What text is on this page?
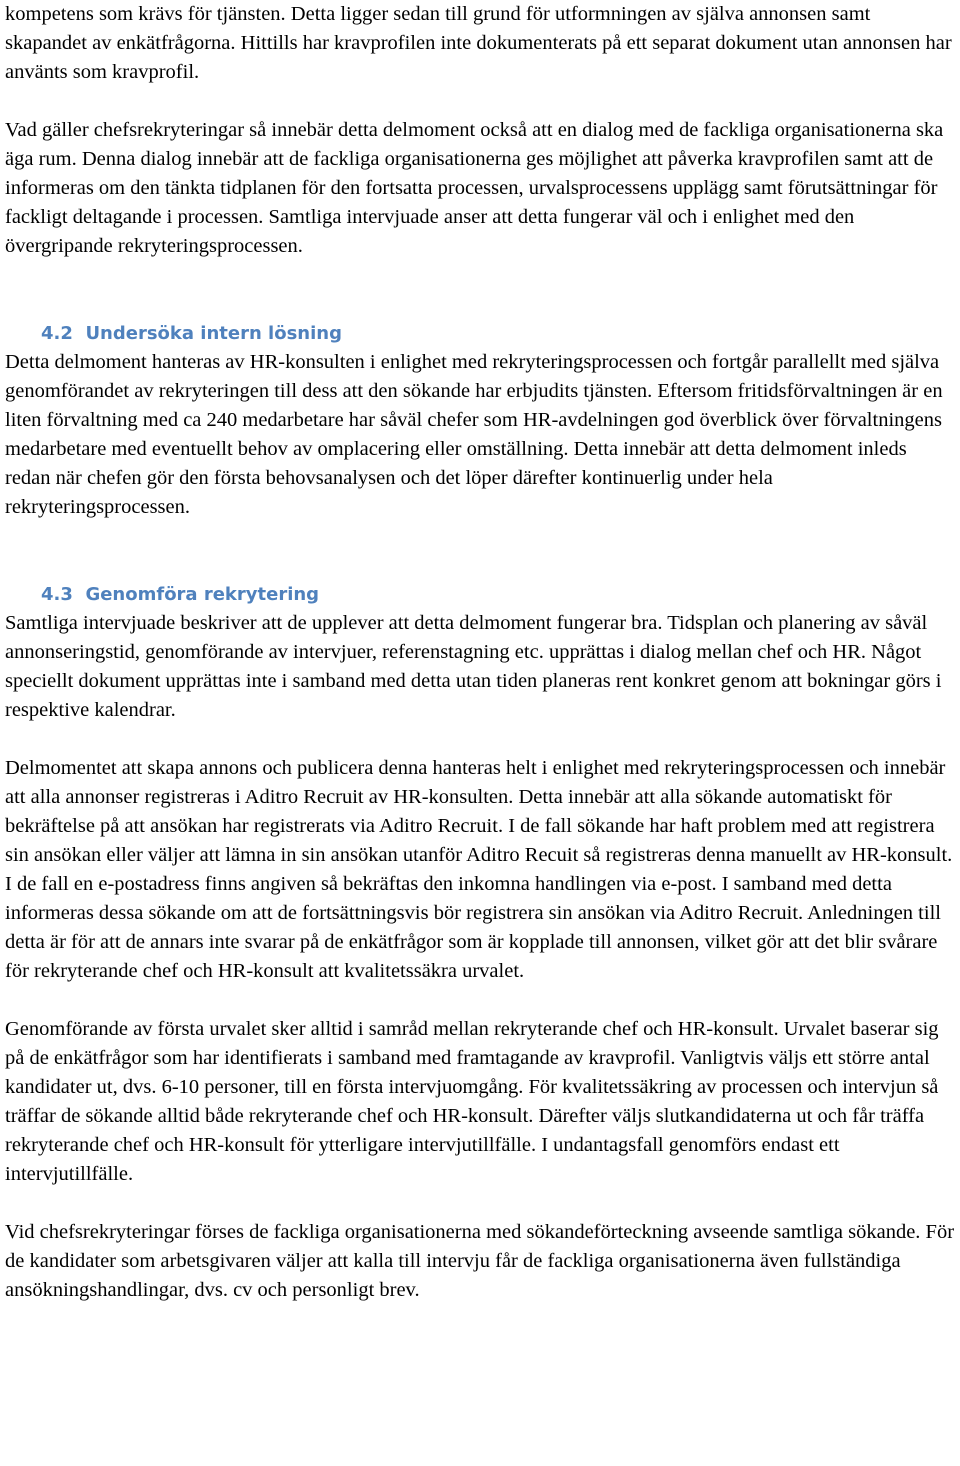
kompetens som krävs för tjänsten. Detta ligger sedan till grund för utformningen av själva annonsen samt skapandet av enkätfrågorna. Hittills har kravprofilen inte dokumenterats på ett separat dokument utan annonsen har använts som kravprofil.

Vad gäller chefsrekryteringar så innebär detta delmoment också att en dialog med de fackliga organisationerna ska äga rum. Denna dialog innebär att de fackliga organisationerna ges möjlighet att påverka kravprofilen samt att de informeras om den tänkta tidplanen för den fortsatta processen, urvalsprocessens upplägg samt förutsättningar för fackligt deltagande i processen. Samtliga intervjuade anser att detta fungerar väl och i enlighet med den övergripande rekryteringsprocessen.

4.2 Undersöka intern lösning

Detta delmoment hanteras av HR-konsulten i enlighet med rekryteringsprocessen och fortgår parallellt med själva genomförandet av rekryteringen till dess att den sökande har erbjudits tjänsten. Eftersom fritidsförvaltningen är en liten förvaltning med ca 240 medarbetare har såväl chefer som HR-avdelningen god överblick över förvaltningens medarbetare med eventuellt behov av omplacering eller omställning. Detta innebär att detta delmoment inleds redan när chefen gör den första behovsanalysen och det löper därefter kontinuerlig under hela rekryteringsprocessen.

4.3 Genomföra rekrytering

Samtliga intervjuade beskriver att de upplever att detta delmoment fungerar bra. Tidsplan och planering av såväl annonseringstid, genomförande av intervjuer, referenstagning etc. upprättas i dialog mellan chef och HR. Något speciellt dokument upprättas inte i samband med detta utan tiden planeras rent konkret genom att bokningar görs i respektive kalendrar.

Delmomentet att skapa annons och publicera denna hanteras helt i enlighet med rekryteringsprocessen och innebär att alla annonser registreras i Aditro Recruit av HR-konsulten. Detta innebär att alla sökande automatiskt för bekräftelse på att ansökan har registrerats via Aditro Recruit. I de fall sökande har haft problem med att registrera sin ansökan eller väljer att lämna in sin ansökan utanför Aditro Recuit så registreras denna manuellt av HR-konsult. I de fall en e-postadress finns angiven så bekräftas den inkomna handlingen via e-post. I samband med detta informeras dessa sökande om att de fortsättningsvis bör registrera sin ansökan via Aditro Recruit. Anledningen till detta är för att de annars inte svarar på de enkätfrågor som är kopplade till annonsen, vilket gör att det blir svårare för rekryterande chef och HR-konsult att kvalitetssäkra urvalet.

Genomförande av första urvalet sker alltid i samråd mellan rekryterande chef och HR-konsult. Urvalet baserar sig på de enkätfrågor som har identifierats i samband med framtagande av kravprofil. Vanligtvis väljs ett större antal kandidater ut, dvs. 6-10 personer, till en första intervjuomgång. För kvalitetssäkring av processen och intervjun så träffar de sökande alltid både rekryterande chef och HR-konsult. Därefter väljs slutkandidaterna ut och får träffa rekryterande chef och HR-konsult för ytterligare intervjutillfälle. I undantagsfall genomförs endast ett intervjutillfälle.

Vid chefsrekryteringar förses de fackliga organisationerna med sökandeförteckning avseende samtliga sökande. För de kandidater som arbetsgivaren väljer att kalla till intervju får de fackliga organisationerna även fullständiga ansökningshandlingar, dvs. cv och personligt brev.
